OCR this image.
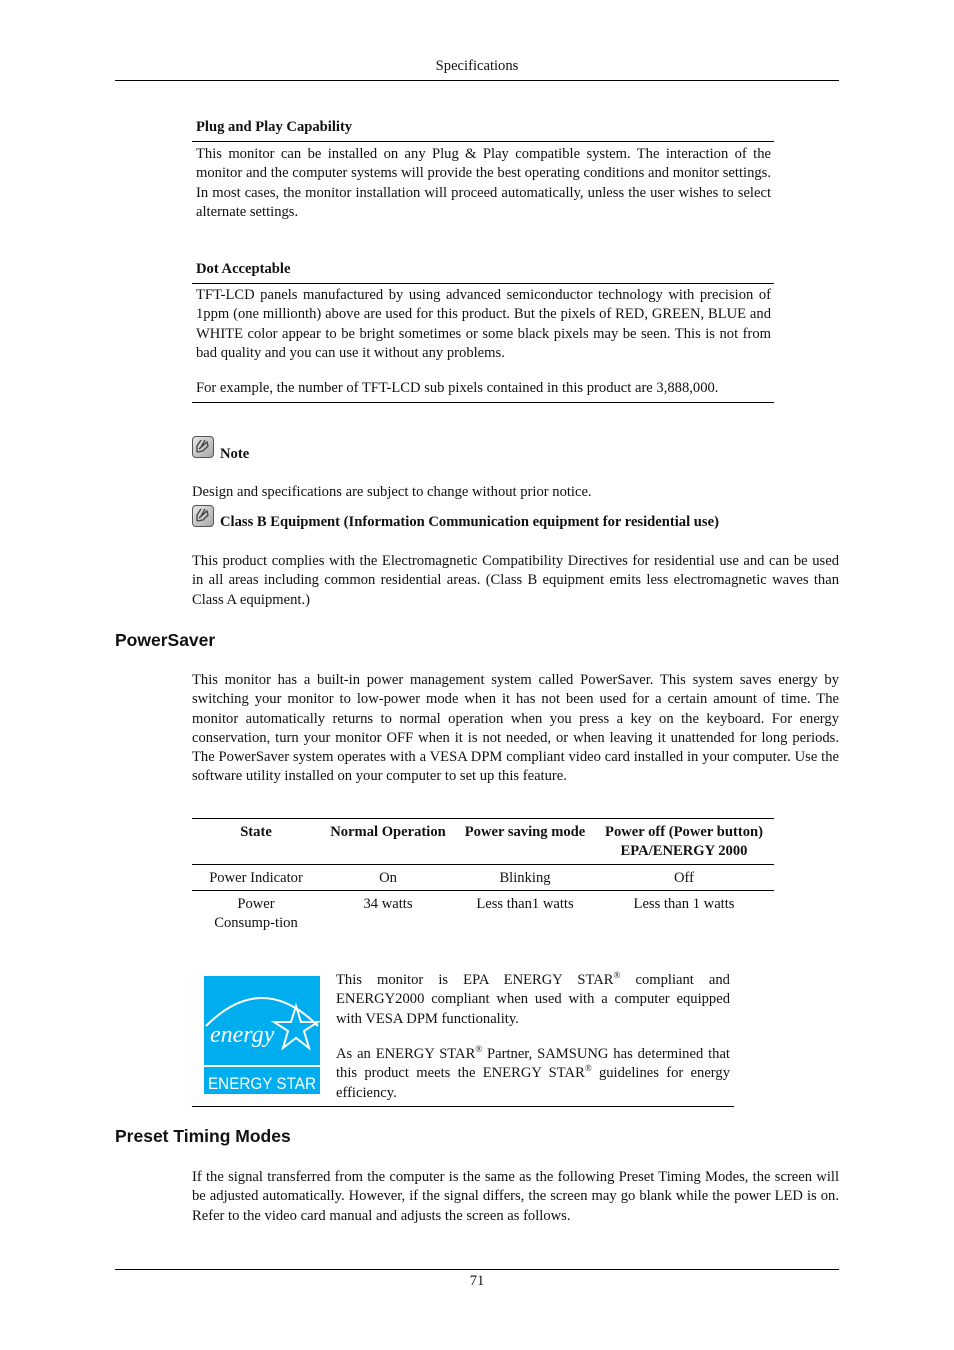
Specifications
Plug and Play Capability
This monitor can be installed on any Plug & Play compatible system. The interaction of the monitor and the computer systems will provide the best operating conditions and monitor settings. In most cases, the monitor installation will proceed automatically, unless the user wishes to select alternate settings.
Dot Acceptable
TFT-LCD panels manufactured by using advanced semiconductor technology with precision of 1ppm (one millionth) above are used for this product. But the pixels of RED, GREEN, BLUE and WHITE color appear to be bright sometimes or some black pixels may be seen. This is not from bad quality and you can use it without any problems.
For example, the number of TFT-LCD sub pixels contained in this product are 3,888,000.
Note
Design and specifications are subject to change without prior notice.
Class B Equipment (Information Communication equipment for residential use)
This product complies with the Electromagnetic Compatibility Directives for residential use and can be used in all areas including common residential areas. (Class B equipment emits less electromagnetic waves than Class A equipment.)
PowerSaver
This monitor has a built-in power management system called PowerSaver. This system saves energy by switching your monitor to low-power mode when it has not been used for a certain amount of time. The monitor automatically returns to normal operation when you press a key on the keyboard. For energy conservation, turn your monitor OFF when it is not needed, or when leaving it unattended for long periods. The PowerSaver system operates with a VESA DPM compliant video card installed in your computer. Use the software utility installed on your computer to set up this feature.
State	Normal Operation	Power saving mode	Power off (Power button)
EPA/ENERGY 2000
Power Indicator	On	Blinking	Off
Power Consump-tion	34 watts	Less than1 watts	Less than 1 watts
energy
ENERGY STAR
This monitor is EPA ENERGY STAR® compliant and ENERGY2000 compliant when used with a computer equipped with VESA DPM functionality.
As an ENERGY STAR® Partner, SAMSUNG has determined that this product meets the ENERGY STAR® guidelines for energy efficiency.
Preset Timing Modes
If the signal transferred from the computer is the same as the following Preset Timing Modes, the screen will be adjusted automatically. However, if the signal differs, the screen may go blank while the power LED is on. Refer to the video card manual and adjusts the screen as follows.
71
